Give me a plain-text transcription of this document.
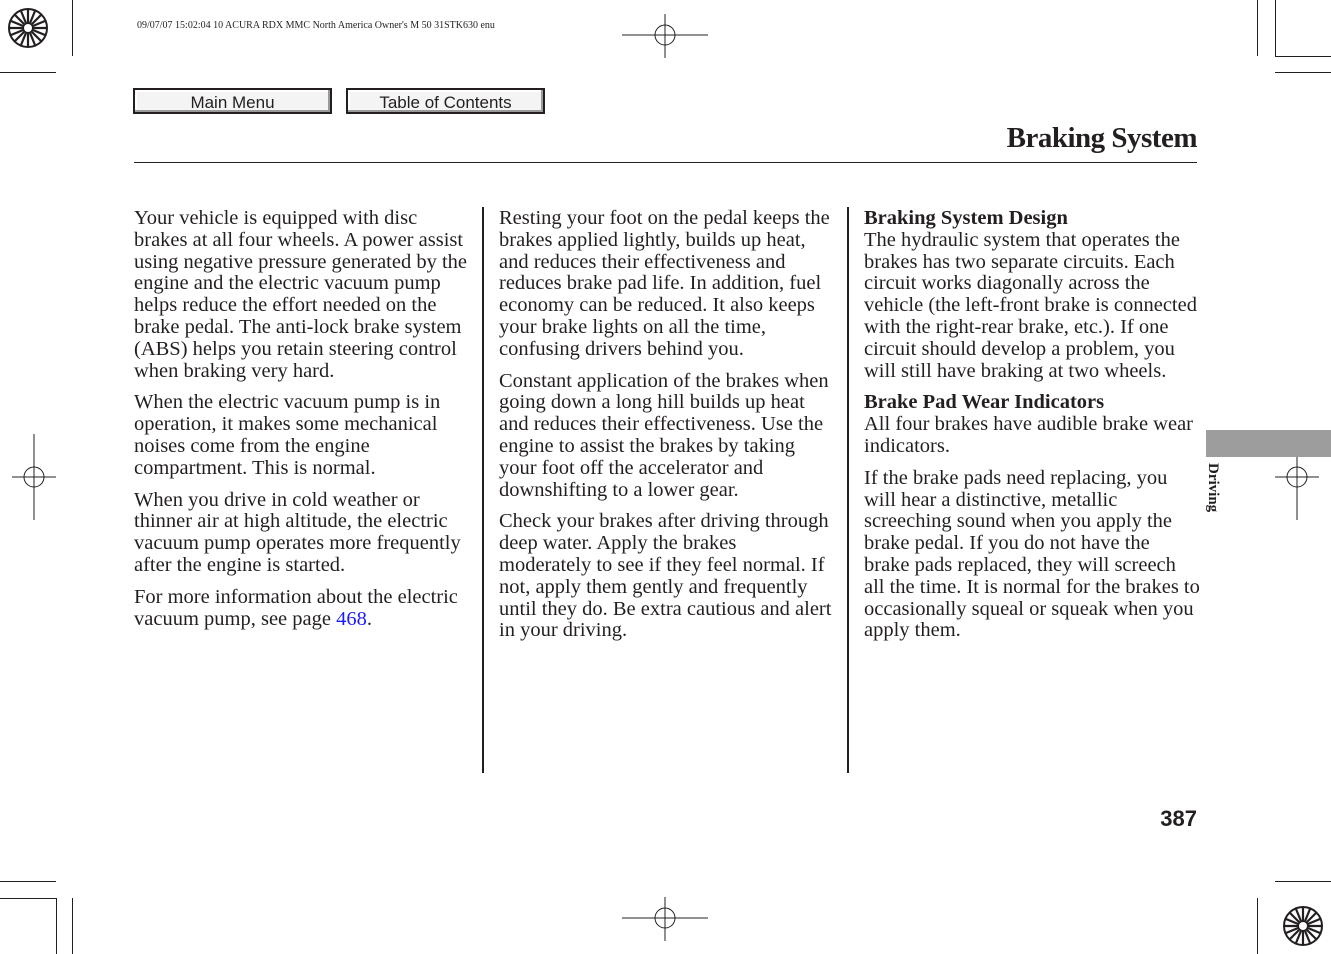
09/07/07 15:02:04 10 ACURA RDX MMC North America Owner's M 50 31STK630 enu
Main Menu	Table of Contents
Braking System

Your vehicle is equipped with disc brakes at all four wheels. A power assist using negative pressure generated by the engine and the electric vacuum pump helps reduce the effort needed on the brake pedal. The anti-lock brake system (ABS) helps you retain steering control when braking very hard.

When the electric vacuum pump is in operation, it makes some mechanical noises come from the engine compartment. This is normal.

When you drive in cold weather or thinner air at high altitude, the electric vacuum pump operates more frequently after the engine is started.

For more information about the electric vacuum pump, see page 468.

Resting your foot on the pedal keeps the brakes applied lightly, builds up heat, and reduces their effectiveness and reduces brake pad life. In addition, fuel economy can be reduced. It also keeps your brake lights on all the time, confusing drivers behind you.

Constant application of the brakes when going down a long hill builds up heat and reduces their effectiveness. Use the engine to assist the brakes by taking your foot off the accelerator and downshifting to a lower gear.

Check your brakes after driving through deep water. Apply the brakes moderately to see if they feel normal. If not, apply them gently and frequently until they do. Be extra cautious and alert in your driving.

Braking System Design

The hydraulic system that operates the brakes has two separate circuits. Each circuit works diagonally across the vehicle (the left-front brake is connected with the right-rear brake, etc.). If one circuit should develop a problem, you will still have braking at two wheels.

Brake Pad Wear Indicators

All four brakes have audible brake wear indicators.

If the brake pads need replacing, you will hear a distinctive, metallic screeching sound when you apply the brake pedal. If you do not have the brake pads replaced, they will screech all the time. It is normal for the brakes to occasionally squeal or squeak when you apply them.

Driving
387
